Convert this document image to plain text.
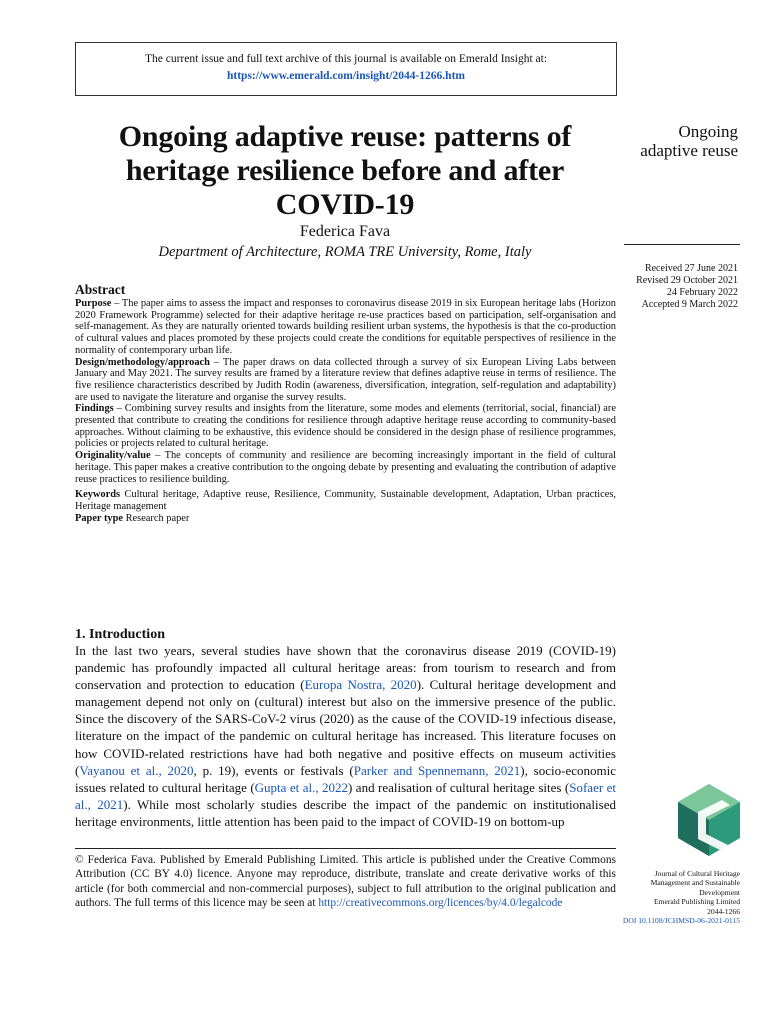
The current issue and full text archive of this journal is available on Emerald Insight at:
https://www.emerald.com/insight/2044-1266.htm
Ongoing adaptive reuse: patterns of
heritage resilience before and after
COVID-19
Ongoing
adaptive reuse
Federica Fava
Department of Architecture, ROMA TRE University, Rome, Italy
Received 27 June 2021
Revised 29 October 2021
24 February 2022
Accepted 9 March 2022
Abstract

Purpose – The paper aims to assess the impact and responses to coronavirus disease 2019 in six European heritage labs (Horizon 2020 Framework Programme) selected for their adaptive heritage re-use practices based on participation, self-organisation and self-management. As they are naturally oriented towards building resilient urban systems, the hypothesis is that the co-production of cultural values and places promoted by these projects could create the conditions for equitable perspectives of resilience in the normality of contemporary urban life.

Design/methodology/approach – The paper draws on data collected through a survey of six European Living Labs between January and May 2021. The survey results are framed by a literature review that defines adaptive reuse in terms of resilience. The five resilience characteristics described by Judith Rodin (awareness, diversification, integration, self-regulation and adaptability) are used to navigate the literature and organise the survey results.

Findings – Combining survey results and insights from the literature, some modes and elements (territorial, social, financial) are presented that contribute to creating the conditions for resilience through adaptive heritage reuse according to community-based approaches. Without claiming to be exhaustive, this evidence should be considered in the design phase of resilience programmes, policies or projects related to cultural heritage.

Originality/value – The concepts of community and resilience are becoming increasingly important in the field of cultural heritage. This paper makes a creative contribution to the ongoing debate by presenting and evaluating the contribution of adaptive reuse practices to resilience building.

Keywords Cultural heritage, Adaptive reuse, Resilience, Community, Sustainable development, Adaptation, Urban practices, Heritage management

Paper type Research paper

1. Introduction
In the last two years, several studies have shown that the coronavirus disease 2019 (COVID-19) pandemic has profoundly impacted all cultural heritage areas: from tourism to research and from conservation and protection to education (Europa Nostra, 2020). Cultural heritage development and management depend not only on (cultural) interest but also on the immersive presence of the public. Since the discovery of the SARS-CoV-2 virus (2020) as the cause of the COVID-19 infectious disease, literature on the impact of the pandemic on cultural heritage has increased. This literature focuses on how COVID-related restrictions have had both negative and positive effects on museum activities (Vayanou et al., 2020, p. 19), events or festivals (Parker and Spennemann, 2021), socio-economic issues related to cultural heritage (Gupta et al., 2022) and realisation of cultural heritage sites (Sofaer et al., 2021). While most scholarly studies describe the impact of the pandemic on institutionalised heritage environments, little attention has been paid to the impact of COVID-19 on bottom-up
© Federica Fava. Published by Emerald Publishing Limited. This article is published under the Creative Commons Attribution (CC BY 4.0) licence. Anyone may reproduce, distribute, translate and create derivative works of this article (for both commercial and non-commercial purposes), subject to full attribution to the original publication and authors. The full terms of this licence may be seen at http://creativecommons.org/licences/by/4.0/legalcode
Journal of Cultural Heritage
Management and Sustainable
Development
Emerald Publishing Limited
2044-1266
DOI 10.1108/JCHMSD-06-2021-0115
